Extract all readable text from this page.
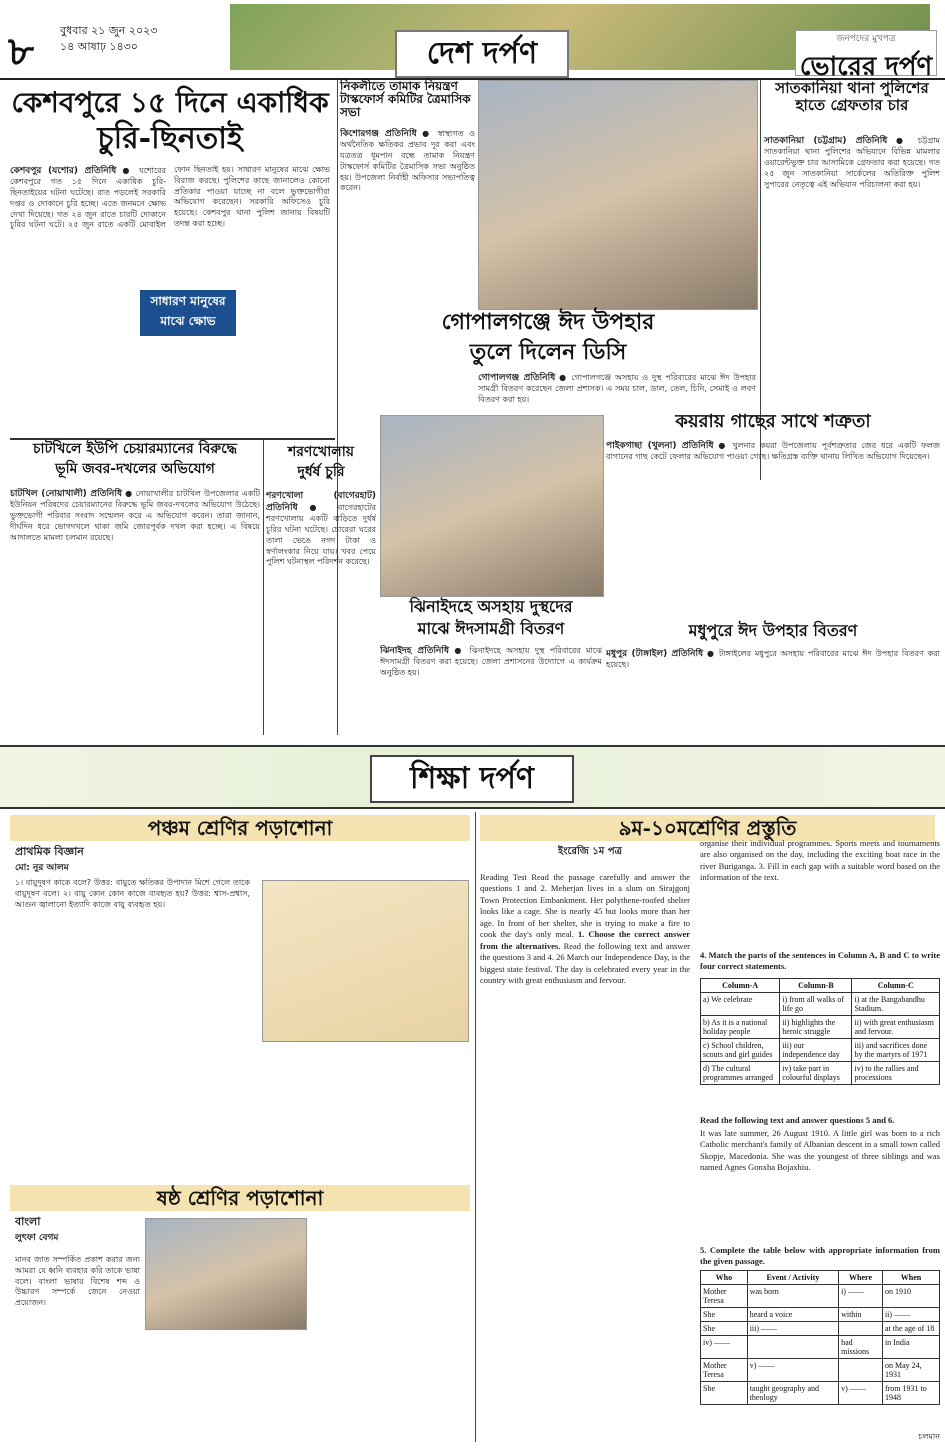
৮ বুধবার ২১ জুন ২০২৩
১৪ আষাঢ় ১৪৩০	দেশ দর্পণ	জনপদের মুখপত্র
ভোরের দর্পণ
কেশবপুরে ১৫ দিনে একাধিক
চুরি-ছিনতাই
কেশবপুর (যশোর) প্রতিনিধি ● যশোরের কেশবপুরে গত ১৫ দিনে একাধিক চুরি-ছিনতাইয়ের ঘটনা ঘটেছে। রাত পড়লেই সরকারি দপ্তর ও দোকানে চুরি হচ্ছে। এতে জনমনে ক্ষোভ দেখা দিয়েছে। গত ২৪ জুন রাতে চারটি দোকানে চুরির ঘটনা ঘটে। ২৫ জুন রাতে একটি মোবাইল ফোন ছিনতাই হয়। সাধারণ মানুষের মাঝে ক্ষোভ বিরাজ করছে। পুলিশের কাছে জানালেও কোনো প্রতিকার পাওয়া যাচ্ছে না বলে ভুক্তভোগীরা অভিযোগ করেছেন। সরকারি অফিসেও চুরি হয়েছে। কেশবপুর থানা পুলিশ জানায় বিষয়টি তদন্ত করা হচ্ছে।
সাধারণ মানুষের মাঝে ক্ষোভ
নিকলীতে তামাক নিয়ন্ত্রণ টাস্কফোর্স কমিটির ত্রৈমাসিক সভা
কিশোরগঞ্জ প্রতিনিধি ● স্বাস্থ্যগত ও অর্থনৈতিক ক্ষতিকর প্রভাব দূর করা এবং যত্রতত্র ধূমপান বন্ধে তামাক নিয়ন্ত্রণ টাস্কফোর্স কমিটির ত্রৈমাসিক সভা অনুষ্ঠিত হয়। উপজেলা নির্বাহী অফিসার সভাপতিত্ব করেন।
সাতকানিয়া থানা পুলিশের হাতে গ্রেফতার চার
সাতকানিয়া (চট্টগ্রাম) প্রতিনিধি ● চট্টগ্রাম সাতকানিয়া থানা পুলিশের অভিযানে বিভিন্ন মামলার ওয়ারেন্টভুক্ত চার আসামিকে গ্রেফতার করা হয়েছে। গত ২৫ জুন সাতকানিয়া সার্কেলের অতিরিক্ত পুলিশ সুপারের নেতৃত্বে এই অভিযান পরিচালনা করা হয়।
গোপালগঞ্জে ঈদ উপহার
তুলে দিলেন ডিসি
গোপালগঞ্জ প্রতিনিধি ● গোপালগঞ্জে অসহায় ও দুস্থ পরিবারের মাঝে ঈদ উপহার সামগ্রী বিতরণ করেছেন জেলা প্রশাসক। এ সময় চাল, ডাল, তেল, চিনি, সেমাই ও লবণ বিতরণ করা হয়।
চাটখিলে ইউপি চেয়ারম্যানের বিরুদ্ধে
ভূমি জবর-দখলের অভিযোগ
চাটখিল (নোয়াখালী) প্রতিনিধি ● নোয়াখালীর চাটখিল উপজেলার একটি ইউনিয়ন পরিষদের চেয়ারম্যানের বিরুদ্ধে ভূমি জবর-দখলের অভিযোগ উঠেছে। ভুক্তভোগী পরিবার সংবাদ সম্মেলন করে এ অভিযোগ করেন। তারা জানান, দীর্ঘদিন ধরে ভোগদখলে থাকা জমি জোরপূর্বক দখল করা হচ্ছে। এ বিষয়ে আদালতে মামলা চলমান রয়েছে।
শরণখোলায়
দুর্ধর্ষ চুরি
শরণখোলা (বাগেরহাট) প্রতিনিধি ● বাগেরহাটের শরণখোলায় একটি বাড়িতে দুর্ধর্ষ চুরির ঘটনা ঘটেছে। চোরেরা ঘরের তালা ভেঙে নগদ টাকা ও স্বর্ণালংকার নিয়ে যায়। খবর পেয়ে পুলিশ ঘটনাস্থল পরিদর্শন করেছে।
কয়রায় গাছের সাথে শত্রুতা
পাইকগাছা (খুলনা) প্রতিনিধি ● খুলনার কয়রা উপজেলায় পূর্বশত্রুতার জের ধরে একটি ফলজ বাগানের গাছ কেটে ফেলার অভিযোগ পাওয়া গেছে। ক্ষতিগ্রস্ত ব্যক্তি থানায় লিখিত অভিযোগ দিয়েছেন।
ঝিনাইদহে অসহায় দুস্থদের
মাঝে ঈদসামগ্রী বিতরণ
ঝিনাইদহ প্রতিনিধি ● ঝিনাইদহে অসহায় দুস্থ পরিবারের মাঝে ঈদসামগ্রী বিতরণ করা হয়েছে। জেলা প্রশাসনের উদ্যোগে এ কার্যক্রম অনুষ্ঠিত হয়।
মধুপুরে ঈদ উপহার বিতরণ
মধুপুর (টাঙ্গাইল) প্রতিনিধি ● টাঙ্গাইলের মধুপুরে অসহায় পরিবারের মাঝে ঈদ উপহার বিতরণ করা হয়েছে।
শিক্ষা দর্পণ
পঞ্চম শ্রেণির পড়াশোনা
প্রাথমিক বিজ্ঞান
মো: নুর আলম
১। বায়ুদূষণ কাকে বলে? উত্তর: বায়ুতে ক্ষতিকর উপাদান মিশে গেলে তাকে বায়ুদূষণ বলে। ২। বায়ু কোন কোন কাজে ব্যবহৃত হয়? উত্তর: শ্বাস-প্রশ্বাস, আগুন জ্বালানো ইত্যাদি কাজে বায়ু ব্যবহৃত হয়।
ষষ্ঠ শ্রেণির পড়াশোনা
বাংলা
লুৎফা বেগম
মানব জাত সম্পর্কিত প্রকাশ করার জন্য আমরা যে ধ্বনি ব্যবহার করি তাকে ভাষা বলে। বাংলা ভাষার বিশেষ শব্দ ও উচ্চারণ সম্পর্কে জেনে নেওয়া প্রয়োজন।
৯ম-১০মশ্রেণির প্রস্তুতি
ইংরেজি ১ম পত্র
Reading Test Read the passage carefully and answer the questions 1 and 2. Meherjan lives in a slum on Sirajgonj Town Protection Embankment. Her polythene-roofed shelter looks like a cage. She is nearly 45 but looks more than her age. In front of her shelter, she is trying to make a fire to cook the day's only meal. 1. Choose the correct answer from the alternatives. Read the following text and answer the questions 3 and 4. 26 March our Independence Day, is the biggest state festival. The day is celebrated every year in the country with great enthusiasm and fervour.
organise their individual programmes. Sports meets and tournaments are also organised on the day, including the exciting boat race in the river Buriganga. 3. Fill in each gap with a suitable word based on the information of the text.
4. Match the parts of the sentences in Column A, B and C to write four correct statements.
Column-A	Column-B	Column-C
a) We celebrate	i) from all walks of life go	i) at the Bangabandhu Stadium.
b) As it is a national holiday people	ii) highlights the heroic struggle	ii) with great enthusiasm and fervour.
c) School children, scouts and girl guides	iii) our independence day	iii) and sacrifices done by the martyrs of 1971
d) The cultural programmes arranged	iv) take part in colourful displays	iv) to the rallies and processions
Read the following text and answer questions 5 and 6.
It was late summer, 26 August 1910. A little girl was born to a rich Catholic merchant's family of Albanian descent in a small town called Skopje, Macedonia. She was the youngest of three siblings and was named Agnes Gonxha Bojaxhiu.
5. Complete the table below with appropriate information from the given passage.
Who	Event / Activity	Where	When
Mother Teresa	was born	i) ——	on 1910
She	heard a voice	within	ii) ——
She	iii) ——		at the age of 18
iv) ——		had missions	in India
Mother Teresa	v) ——		on May 24, 1931
She	taught geography and theology	v) ——	from 1931 to 1948
চলমান
